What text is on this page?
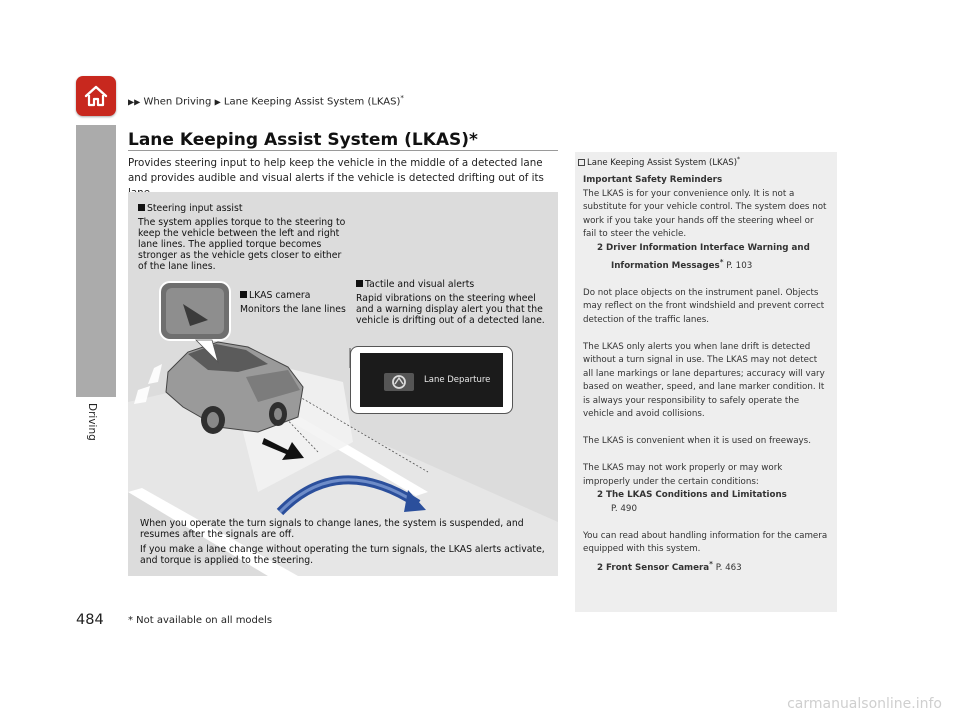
▶▶ When Driving ▶ Lane Keeping Assist System (LKAS)*
Driving
Lane Keeping Assist System (LKAS)*
Provides steering input to help keep the vehicle in the middle of a detected lane and provides audible and visual alerts if the vehicle is detected drifting out of its
Steering input assist
The system applies torque to the steering to keep the vehicle between the left and right lane lines. The applied torque becomes stronger as the vehicle gets closer to either of the lane lines.
LKAS camera
Monitors the lane lines
Tactile and visual alerts
Rapid vibrations on the steering wheel and a warning display alert you that the vehicle is drifting out of a detected lane.
Lane Departure

When you operate the turn signals to change lanes, the system is suspended, and resumes after the signals are off.

If you make a lane change without operating the turn signals, the LKAS alerts activate, and torque is applied to the steering.

Lane Keeping Assist System (LKAS)*

Important Safety Reminders

The LKAS is for your convenience only. It is not a substitute for your vehicle control. The system does not work if you take your hands off the steering wheel or fail to steer the vehicle.

2 Driver Information Interface Warning and

Information Messages* P. 103

Do not place objects on the instrument panel. Objects may reflect on the front windshield and prevent correct detection of the traffic lanes.

The LKAS only alerts you when lane drift is detected without a turn signal in use. The LKAS may not detect all lane markings or lane departures; accuracy will vary based on weather, speed, and lane marker condition. It is always your responsibility to safely operate the vehicle and avoid collisions.

The LKAS is convenient when it is used on freeways.

The LKAS may not work properly or may work improperly under the certain conditions:

2 The LKAS Conditions and Limitations

P. 490

You can read about handling information for the camera equipped with this system.

2 Front Sensor Camera* P. 463

484 * Not available on all models
carmanualsonline.info
